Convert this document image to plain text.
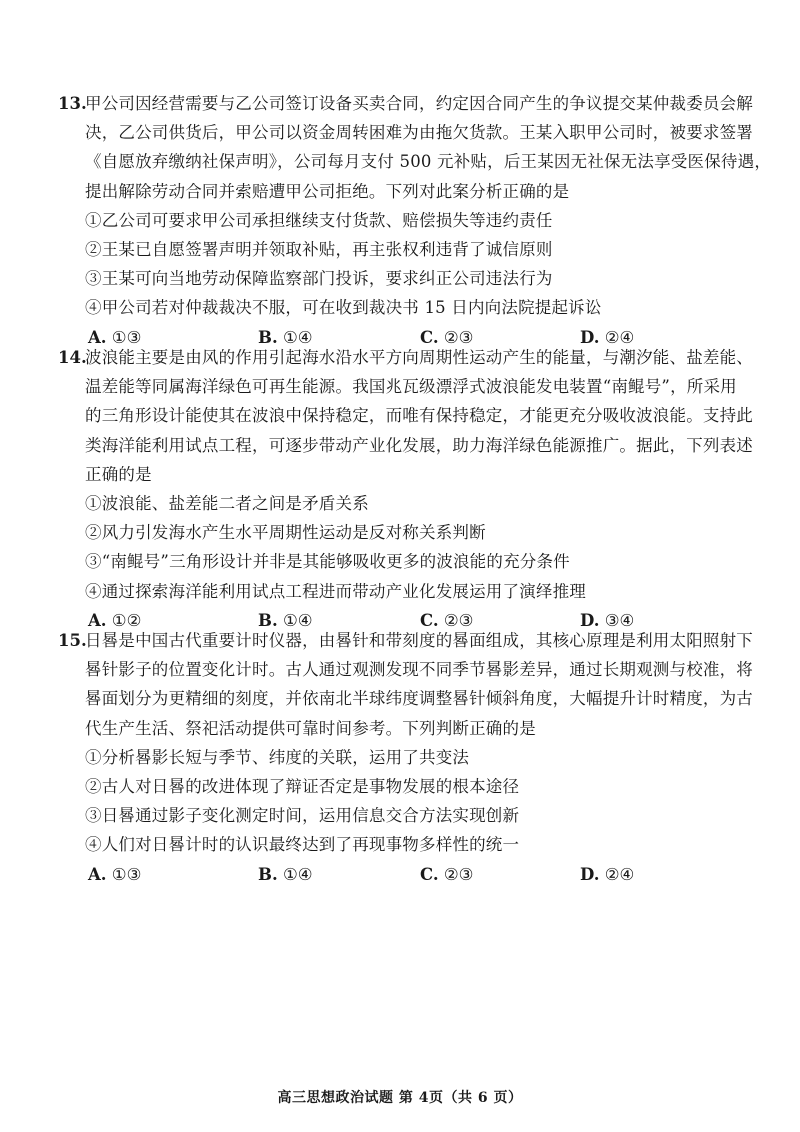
13.甲公司因经营需要与乙公司签订设备买卖合同，约定因合同产生的争议提交某仲裁委员会解
决，乙公司供货后，甲公司以资金周转困难为由拖欠货款。王某入职甲公司时，被要求签署
《自愿放弃缴纳社保声明》，公司每月支付 500 元补贴，后王某因无社保无法享受医保待遇，
提出解除劳动合同并索赔遭甲公司拒绝。下列对此案分析正确的是
①乙公司可要求甲公司承担继续支付货款、赔偿损失等违约责任
②王某已自愿签署声明并领取补贴，再主张权利违背了诚信原则
③王某可向当地劳动保障监察部门投诉，要求纠正公司违法行为
④甲公司若对仲裁裁决不服，可在收到裁决书 15 日内向法院提起诉讼
A. ①③	B. ①④	C. ②③	D. ②④
14.波浪能主要是由风的作用引起海水沿水平方向周期性运动产生的能量，与潮汐能、盐差能、
温差能等同属海洋绿色可再生能源。我国兆瓦级漂浮式波浪能发电装置“南鲲号”，所采用
的三角形设计能使其在波浪中保持稳定，而唯有保持稳定，才能更充分吸收波浪能。支持此
类海洋能利用试点工程，可逐步带动产业化发展，助力海洋绿色能源推广。据此，下列表述
正确的是
①波浪能、盐差能二者之间是矛盾关系
②风力引发海水产生水平周期性运动是反对称关系判断
③“南鲲号”三角形设计并非是其能够吸收更多的波浪能的充分条件
④通过探索海洋能利用试点工程进而带动产业化发展运用了演绎推理
A. ①②	B. ①④	C. ②③	D. ③④
15.日晷是中国古代重要计时仪器，由晷针和带刻度的晷面组成，其核心原理是利用太阳照射下
晷针影子的位置变化计时。古人通过观测发现不同季节晷影差异，通过长期观测与校准，将
晷面划分为更精细的刻度，并依南北半球纬度调整晷针倾斜角度，大幅提升计时精度，为古
代生产生活、祭祀活动提供可靠时间参考。下列判断正确的是
①分析晷影长短与季节、纬度的关联，运用了共变法
②古人对日晷的改进体现了辩证否定是事物发展的根本途径
③日晷通过影子变化测定时间，运用信息交合方法实现创新
④人们对日晷计时的认识最终达到了再现事物多样性的统一
A. ①③	B. ①④	C. ②③	D. ②④
高三思想政治试题 第 4页（共 6 页）
